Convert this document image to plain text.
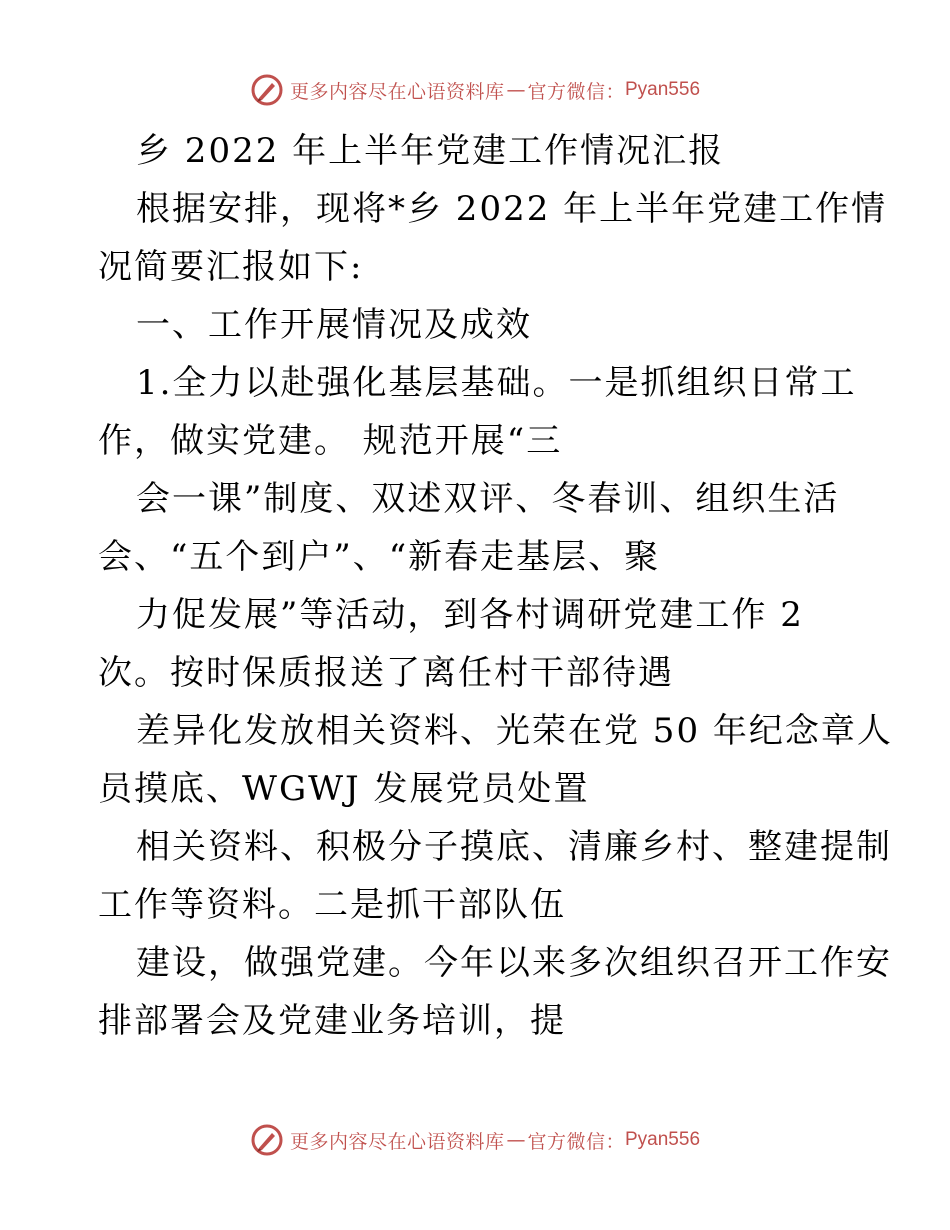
更多内容尽在心语资料库 — 官方微信： Pyan556
乡 2022 年上半年党建工作情况汇报
根据安排，现将*乡 2022 年上半年党建工作情
况简要汇报如下:
一、工作开展情况及成效
1.全力以赴强化基层基础。一是抓组织日常工
作，做实党建。 规范开展“三
会一课”制度、双述双评、冬春训、组织生活
会、“五个到户”、“新春走基层、聚
力促发展”等活动，到各村调研党建工作 2
次。按时保质报送了离任村干部待遇
差异化发放相关资料、光荣在党 50 年纪念章人
员摸底、WGWJ 发展党员处置
相关资料、积极分子摸底、清廉乡村、整建提制
工作等资料。二是抓干部队伍
建设，做强党建。今年以来多次组织召开工作安
排部署会及党建业务培训，提
更多内容尽在心语资料库 — 官方微信： Pyan556
